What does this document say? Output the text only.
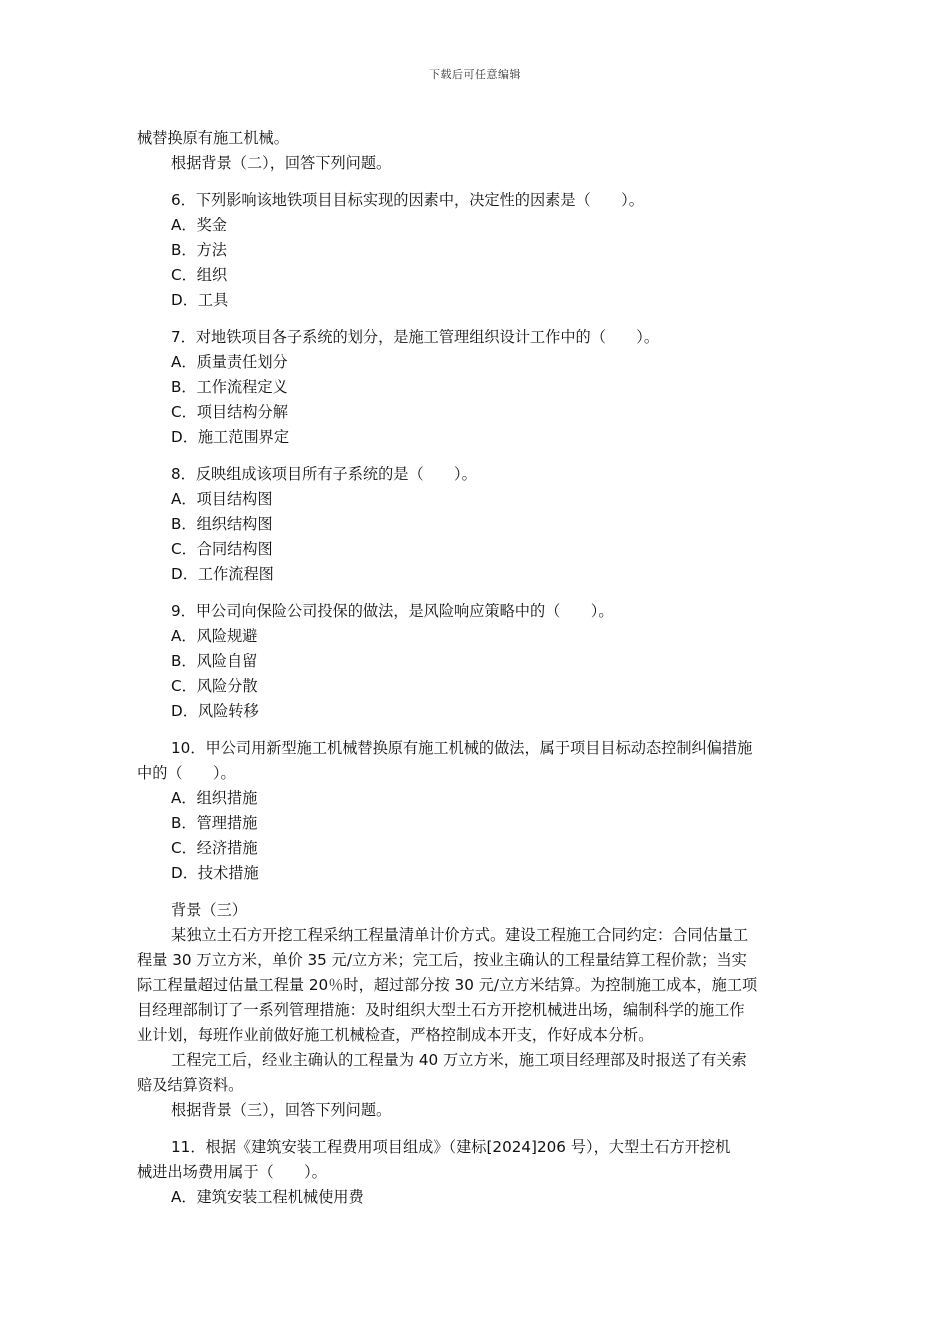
下载后可任意编辑

械替换原有施工机械。

根据背景（二），回答下列问题。

6．下列影响该地铁项目目标实现的因素中，决定性的因素是（　　）。

A．奖金

B．方法

C．组织

D．工具

7．对地铁项目各子系统的划分，是施工管理组织设计工作中的（　　）。

A．质量责任划分

B．工作流程定义

C．项目结构分解

D．施工范围界定

8．反映组成该项目所有子系统的是（　　）。

A．项目结构图

B．组织结构图

C．合同结构图

D．工作流程图

9．甲公司向保险公司投保的做法，是风险响应策略中的（　　）。

A．风险规避

B．风险自留

C．风险分散

D．风险转移

10．甲公司用新型施工机械替换原有施工机械的做法，属于项目目标动态控制纠偏措施

中的（　　）。

A．组织措施

B．管理措施

C．经济措施

D．技术措施

背景（三）

某独立土石方开挖工程采纳工程量清单计价方式。建设工程施工合同约定：合同估量工

程量 30 万立方米，单价 35 元/立方米；完工后，按业主确认的工程量结算工程价款；当实

际工程量超过估量工程量 20％时，超过部分按 30 元/立方米结算。为控制施工成本，施工项

目经理部制订了一系列管理措施：及时组织大型土石方开挖机械进出场，编制科学的施工作

业计划，每班作业前做好施工机械检查，严格控制成本开支，作好成本分析。

工程完工后，经业主确认的工程量为 40 万立方米，施工项目经理部及时报送了有关索

赔及结算资料。

根据背景（三），回答下列问题。

11．根据《建筑安装工程费用项目组成》（建标[2024]206 号），大型土石方开挖机

械进出场费用属于（　　）。

A．建筑安装工程机械使用费
